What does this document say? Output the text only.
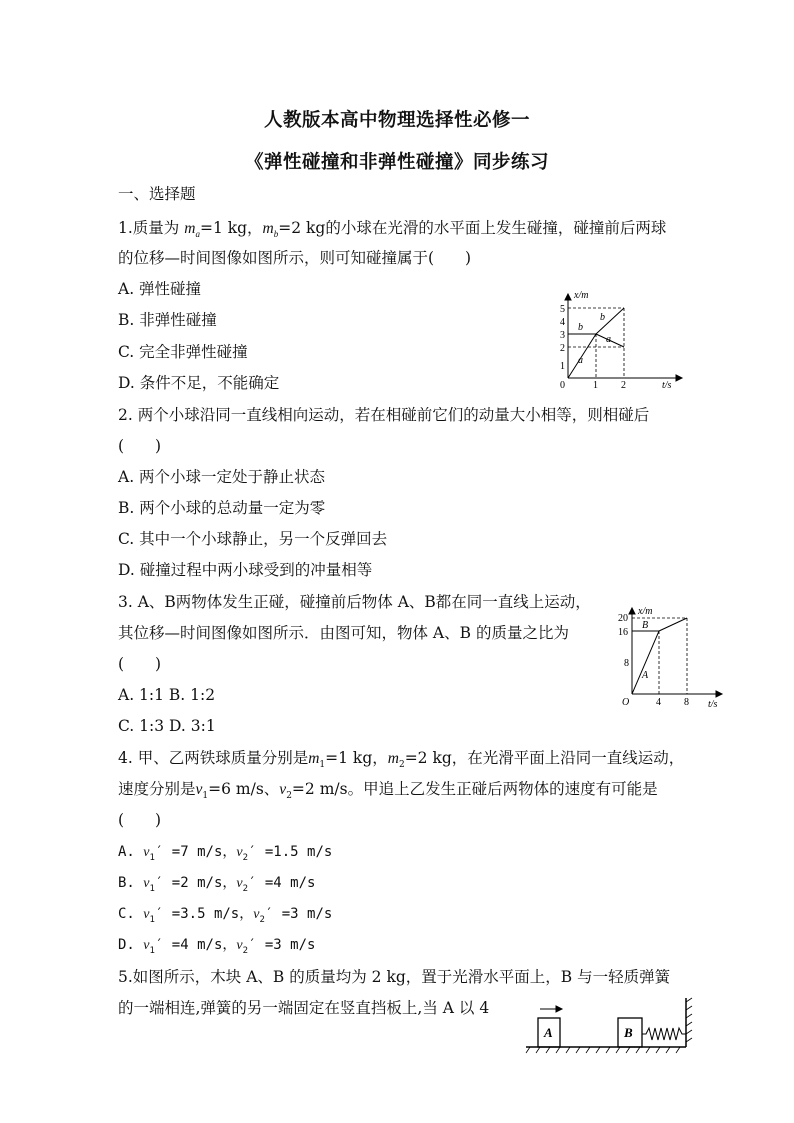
人教版本高中物理选择性必修一
《弹性碰撞和非弹性碰撞》同步练习
一、选择题
1.质量为 $m_a=1$ kg，$m_b=2$ kg的小球在光滑的水平面上发生碰撞，碰撞前后两球
的位移—时间图像如图所示，则可知碰撞属于(　　)
A. 弹性碰撞
B. 非弹性碰撞
C. 完全非弹性碰撞
D. 条件不足，不能确定
x/m
t/s
0
1
2
3
4
5
1 2
a
b
a
b
2. 两个小球沿同一直线相向运动，若在相碰前它们的动量大小相等，则相碰后
(　　)
A. 两个小球一定处于静止状态
B. 两个小球的总动量一定为零
C. 其中一个小球静止，另一个反弹回去
D. 碰撞过程中两小球受到的冲量相等
3. A、B两物体发生正碰，碰撞前后物体 A、B都在同一直线上运动，
其位移—时间图像如图所示．由图可知，物体 A、B 的质量之比为
(　　)
A. 1:1 B. 1:2
C. 1:3 D. 3:1
x/m
t/s
O
8
16
20
4 8
A
B
4. 甲、乙两铁球质量分别是$m_1=1$ kg，$m_2=2$ kg，在光滑平面上沿同一直线运动，
速度分别是$v_1=6$ m/s、$v_2=2$ m/s。甲追上乙发生正碰后两物体的速度有可能是
(　　)
A. $v_1' =7$ m/s，$v_2' =1.5$ m/s
B. $v_1' =2$ m/s，$v_2' =4$ m/s
C. $v_1' =3.5$ m/s，$v_2' =3$ m/s
D. $v_1' =4$ m/s，$v_2' =3$ m/s
5.如图所示，木块 A、B 的质量均为 2 kg，置于光滑水平面上，B 与一轻质弹簧
的一端相连,弹簧的另一端固定在竖直挡板上,当 A 以 4
A	B
